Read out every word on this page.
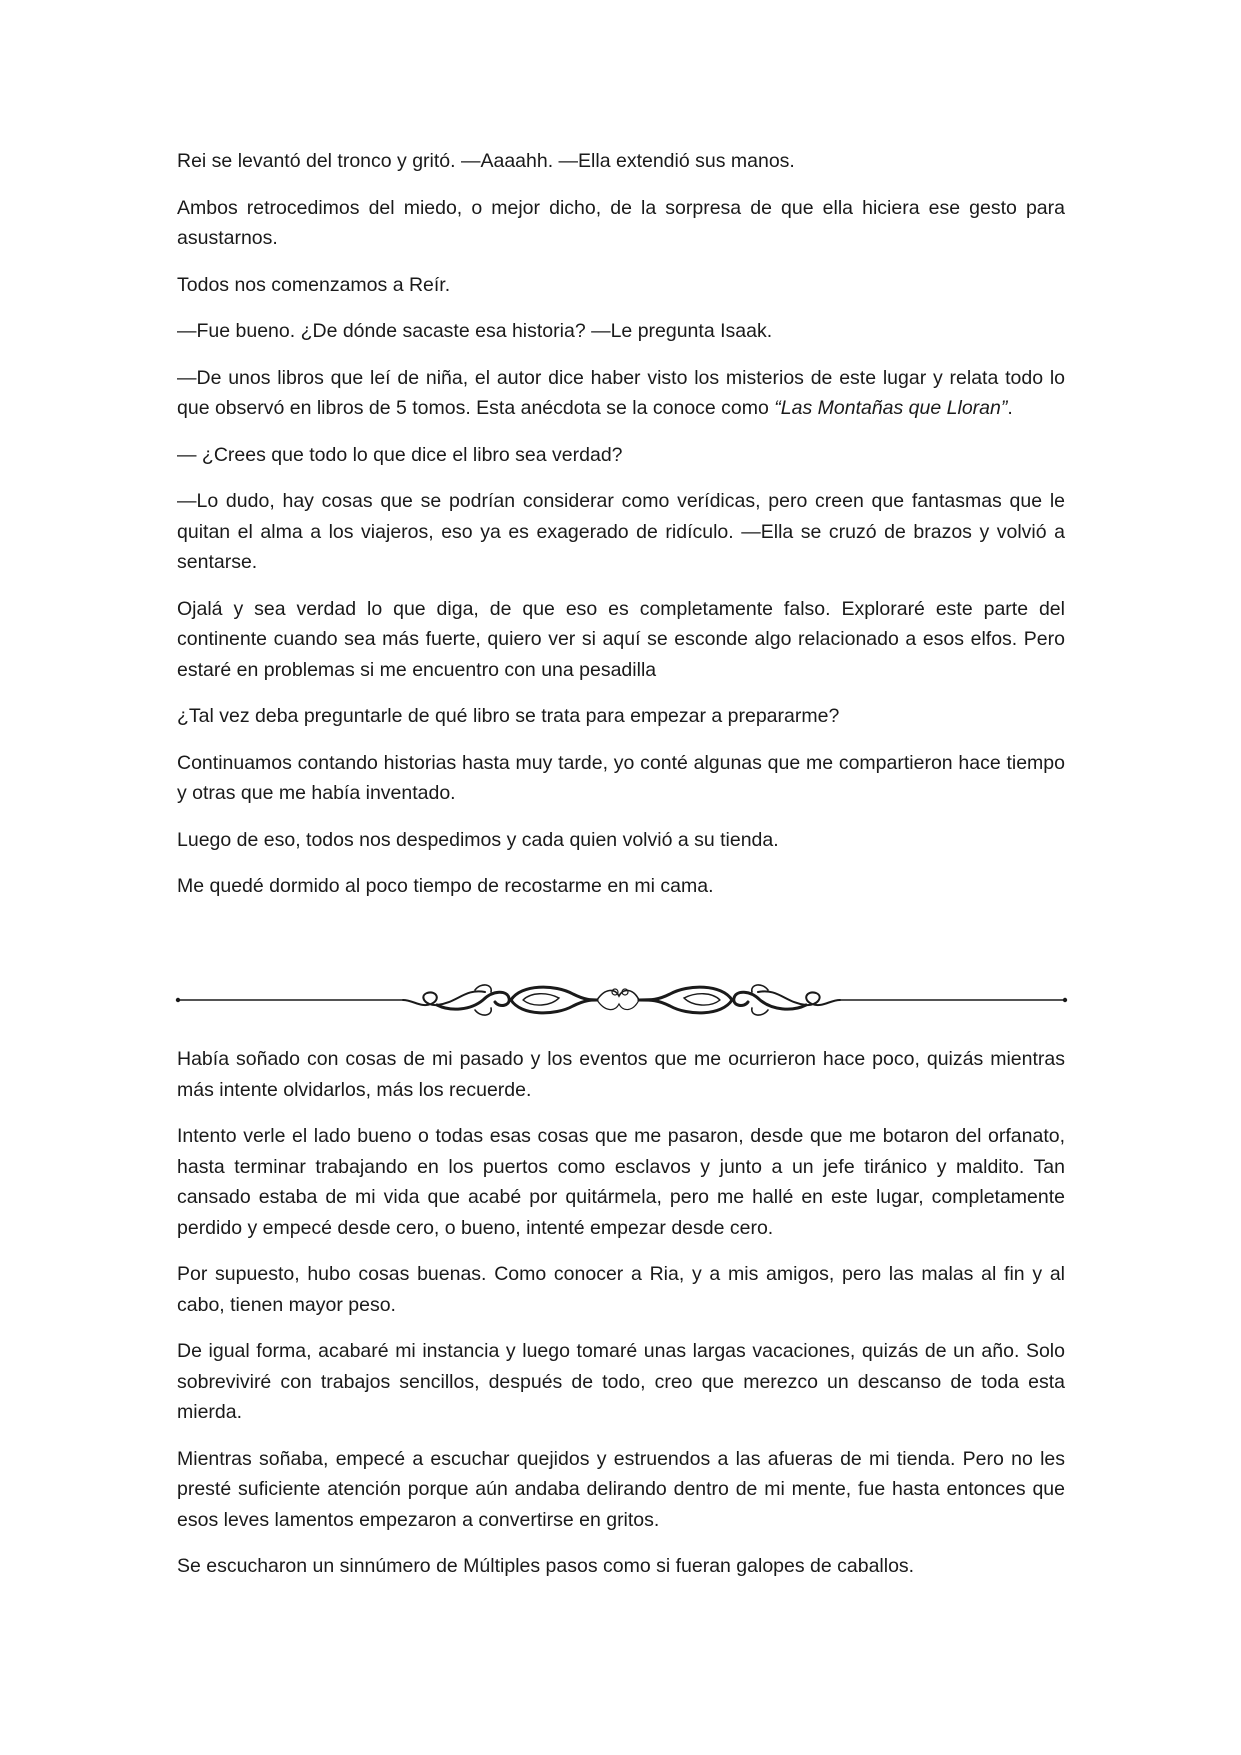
Rei se levantó del tronco y gritó. —Aaaahh. —Ella extendió sus manos.

Ambos retrocedimos del miedo, o mejor dicho, de la sorpresa de que ella hiciera ese gesto para asustarnos.

Todos nos comenzamos a Reír.

—Fue bueno. ¿De dónde sacaste esa historia? —Le pregunta Isaak.

—De unos libros que leí de niña, el autor dice haber visto los misterios de este lugar y relata todo lo que observó en libros de 5 tomos. Esta anécdota se la conoce como “Las Montañas que Lloran”.

— ¿Crees que todo lo que dice el libro sea verdad?

—Lo dudo, hay cosas que se podrían considerar como verídicas, pero creen que fantasmas que le quitan el alma a los viajeros, eso ya es exagerado de ridículo. —Ella se cruzó de brazos y volvió a sentarse.

Ojalá y sea verdad lo que diga, de que eso es completamente falso. Exploraré este parte del continente cuando sea más fuerte, quiero ver si aquí se esconde algo relacionado a esos elfos. Pero estaré en problemas si me encuentro con una pesadilla

¿Tal vez deba preguntarle de qué libro se trata para empezar a prepararme?

Continuamos contando historias hasta muy tarde, yo conté algunas que me compartieron hace tiempo y otras que me había inventado.

Luego de eso, todos nos despedimos y cada quien volvió a su tienda.

Me quedé dormido al poco tiempo de recostarme en mi cama.

Había soñado con cosas de mi pasado y los eventos que me ocurrieron hace poco, quizás mientras más intente olvidarlos, más los recuerde.

Intento verle el lado bueno o todas esas cosas que me pasaron, desde que me botaron del orfanato, hasta terminar trabajando en los puertos como esclavos y junto a un jefe tiránico y maldito. Tan cansado estaba de mi vida que acabé por quitármela, pero me hallé en este lugar, completamente perdido y empecé desde cero, o bueno, intenté empezar desde cero.

Por supuesto, hubo cosas buenas. Como conocer a Ria, y a mis amigos, pero las malas al fin y al cabo, tienen mayor peso.

De igual forma, acabaré mi instancia y luego tomaré unas largas vacaciones, quizás de un año. Solo sobreviviré con trabajos sencillos, después de todo, creo que merezco un descanso de toda esta mierda.

Mientras soñaba, empecé a escuchar quejidos y estruendos a las afueras de mi tienda. Pero no les presté suficiente atención porque aún andaba delirando dentro de mi mente, fue hasta entonces que esos leves lamentos empezaron a convertirse en gritos.

Se escucharon un sinnúmero de Múltiples pasos como si fueran galopes de caballos.
